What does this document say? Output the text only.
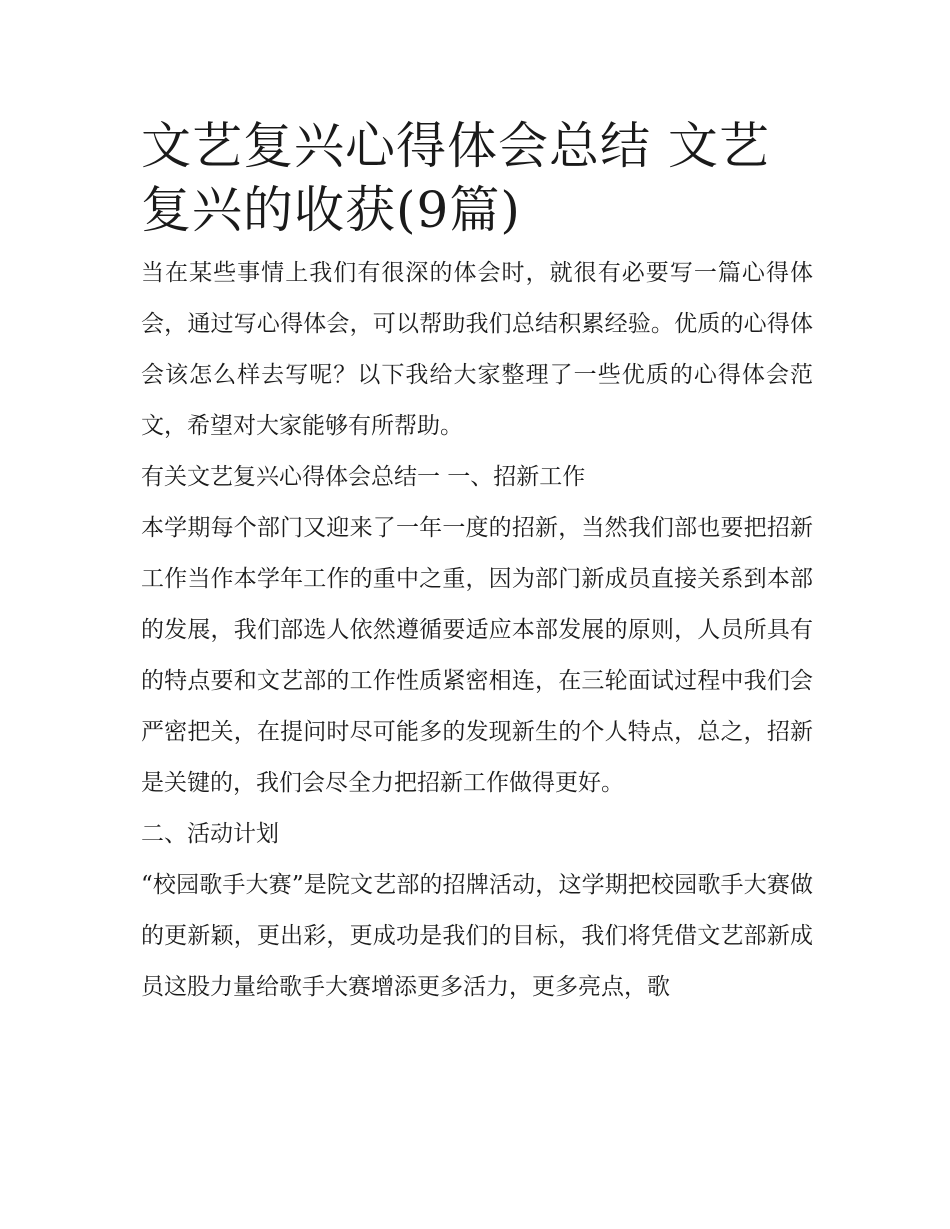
文艺复兴心得体会总结 文艺复兴的收获(9篇)

当在某些事情上我们有很深的体会时，就很有必要写一篇心得体会，通过写心得体会，可以帮助我们总结积累经验。优质的心得体会该怎么样去写呢？以下我给大家整理了一些优质的心得体会范文，希望对大家能够有所帮助。

有关文艺复兴心得体会总结一 一、招新工作

本学期每个部门又迎来了一年一度的招新，当然我们部也要把招新工作当作本学年工作的重中之重，因为部门新成员直接关系到本部的发展，我们部选人依然遵循要适应本部发展的原则，人员所具有的特点要和文艺部的工作性质紧密相连，在三轮面试过程中我们会严密把关，在提问时尽可能多的发现新生的个人特点，总之，招新是关键的，我们会尽全力把招新工作做得更好。

二、活动计划

“校园歌手大赛”是院文艺部的招牌活动，这学期把校园歌手大赛做的更新颖，更出彩，更成功是我们的目标，我们将凭借文艺部新成员这股力量给歌手大赛增添更多活力，更多亮点，歌
